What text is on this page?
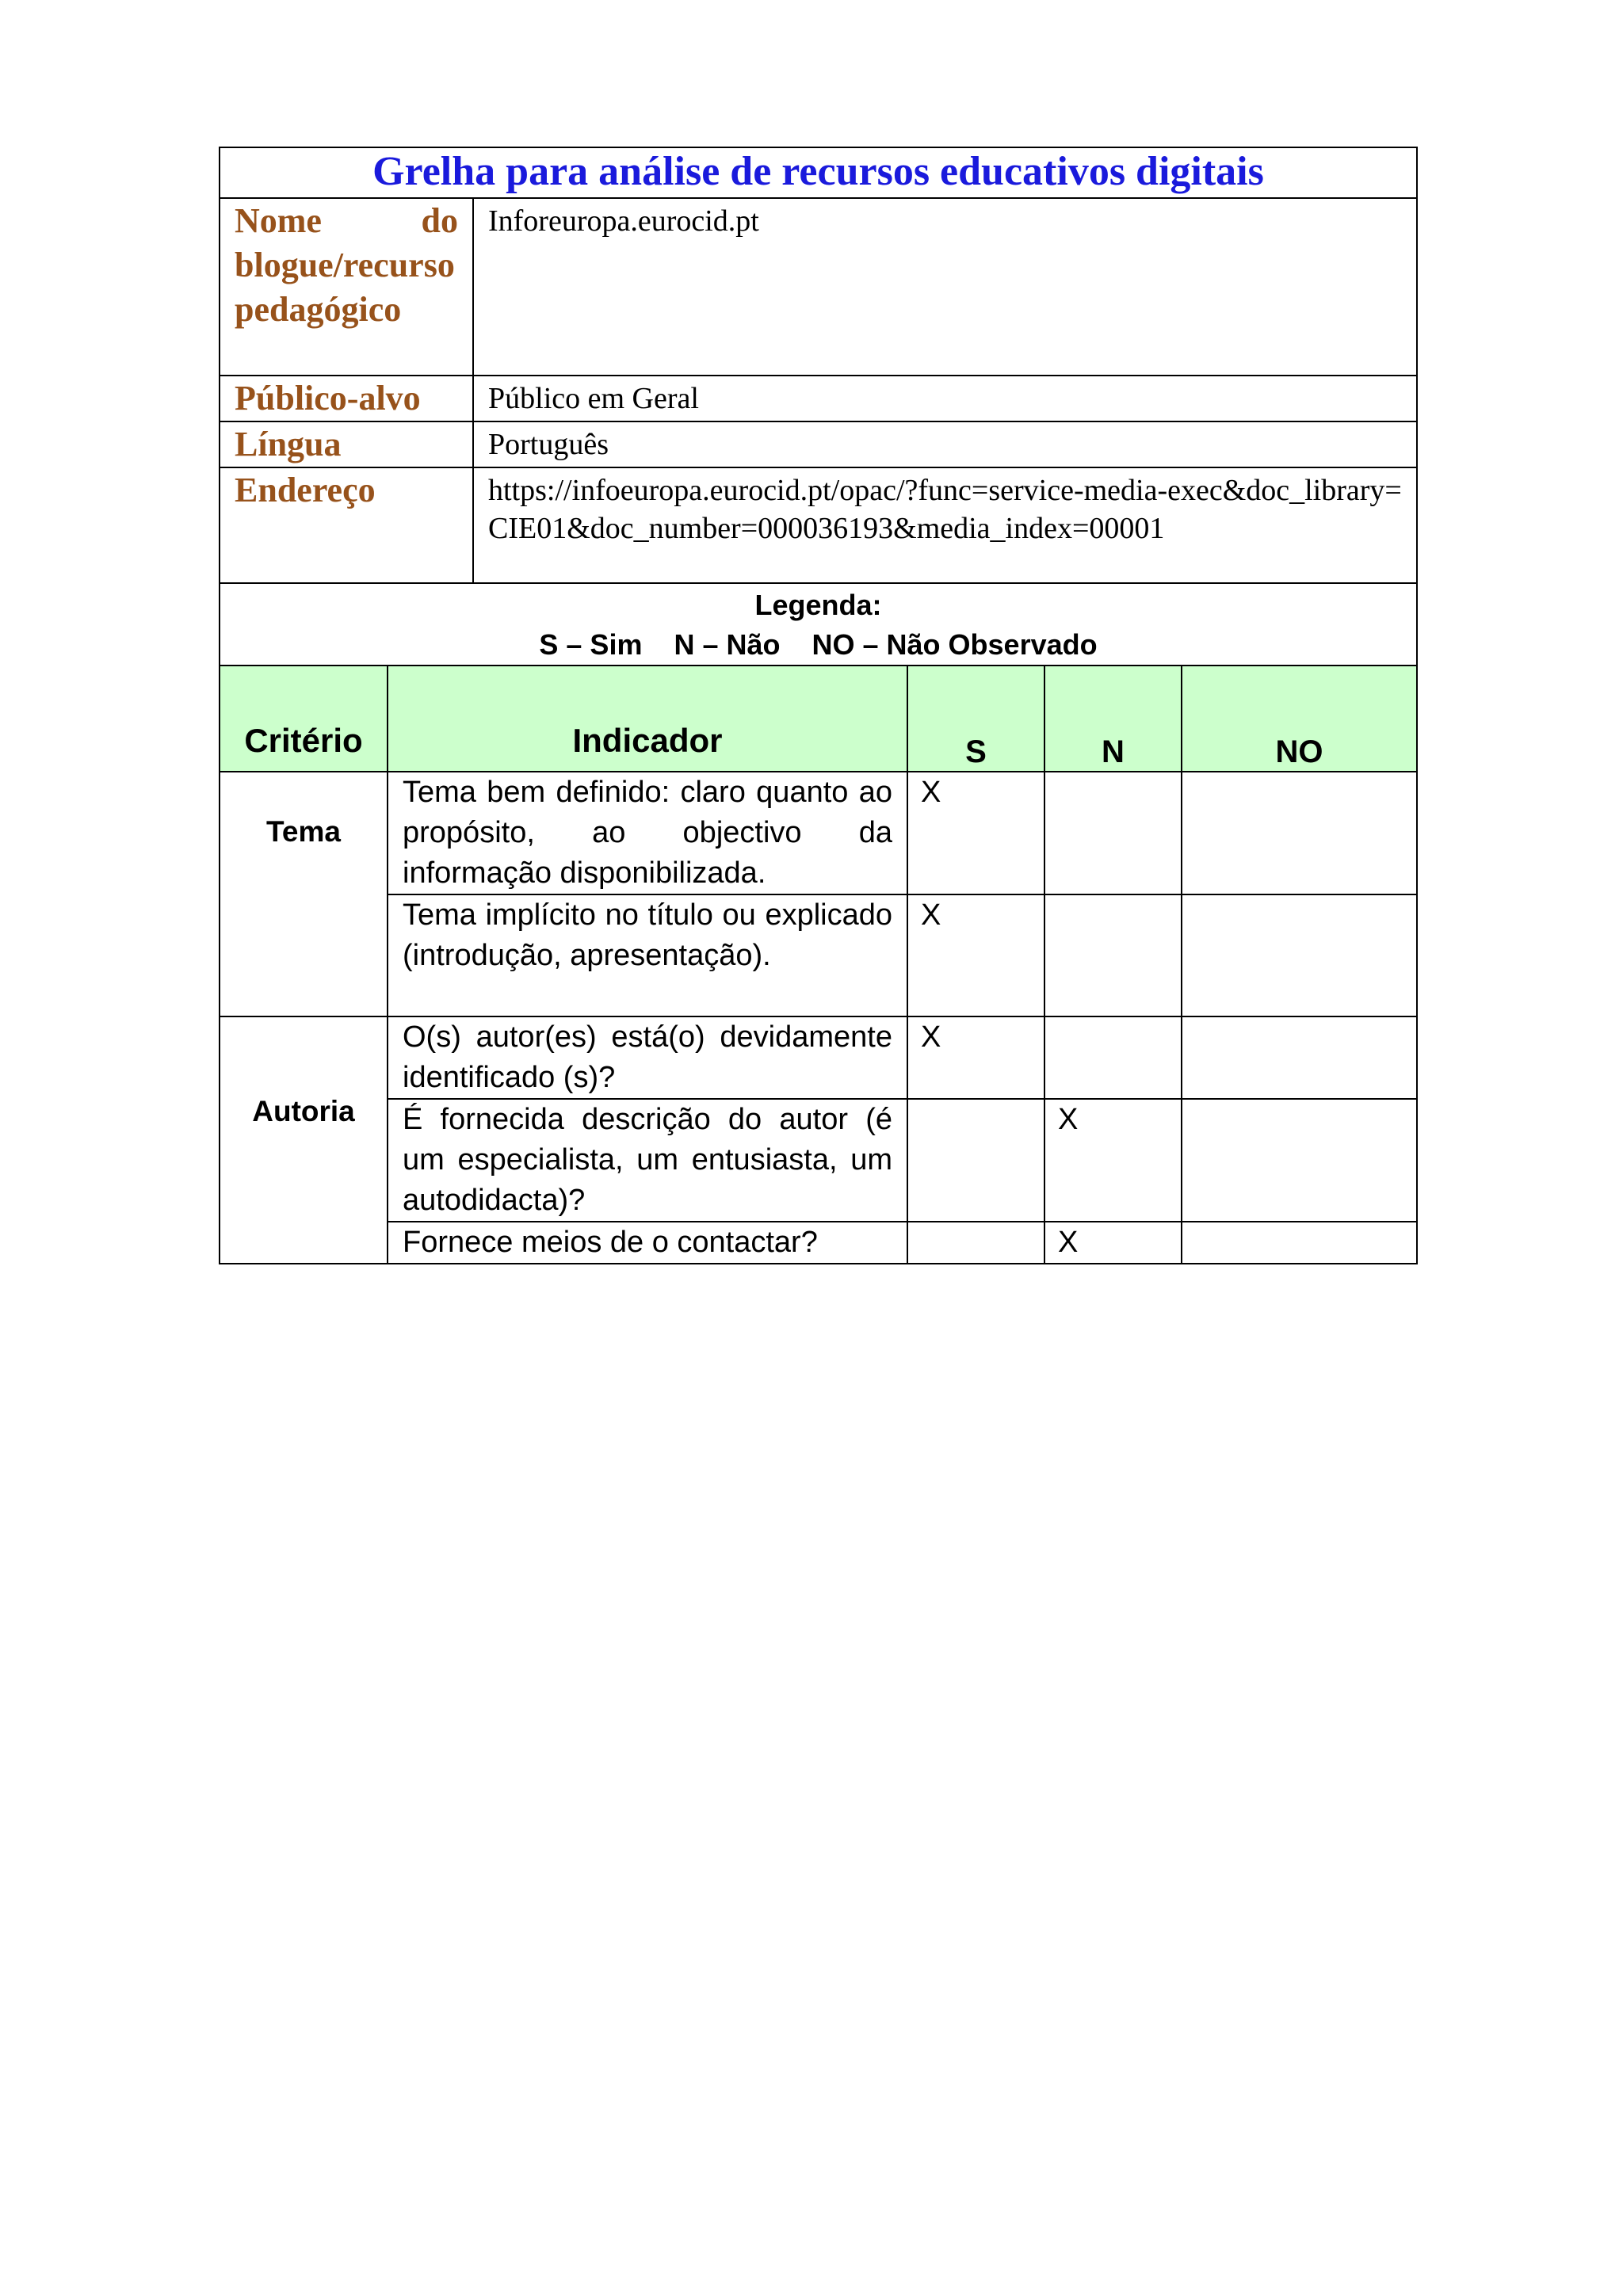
Grelha para análise de recursos educativos digitais	
Nome do blogue/recurso pedagógico	Inforeuropa.eurocid.pt
Público-alvo	Público em Geral
Língua	Português
Endereço	https://infoeuropa.eurocid.pt/opac/?func=service-media-exec&doc_library=CIE01&doc_number=000036193&media_index=00001

Legenda:
S – Sim    N – Não    NO – Não Observado	
Critério	Indicador	S	N	NO
Tema	Tema bem definido: claro quanto ao propósito, ao objectivo da informação disponibilizada.	X		
	Tema implícito no título ou explicado (introdução, apresentação).	X		
Autoria	O(s) autor(es) está(o) devidamente identificado (s)?	X		
	É fornecida descrição do autor (é um especialista, um entusiasta, um autodidacta)?		X	
	Fornece meios de o contactar?		X	
